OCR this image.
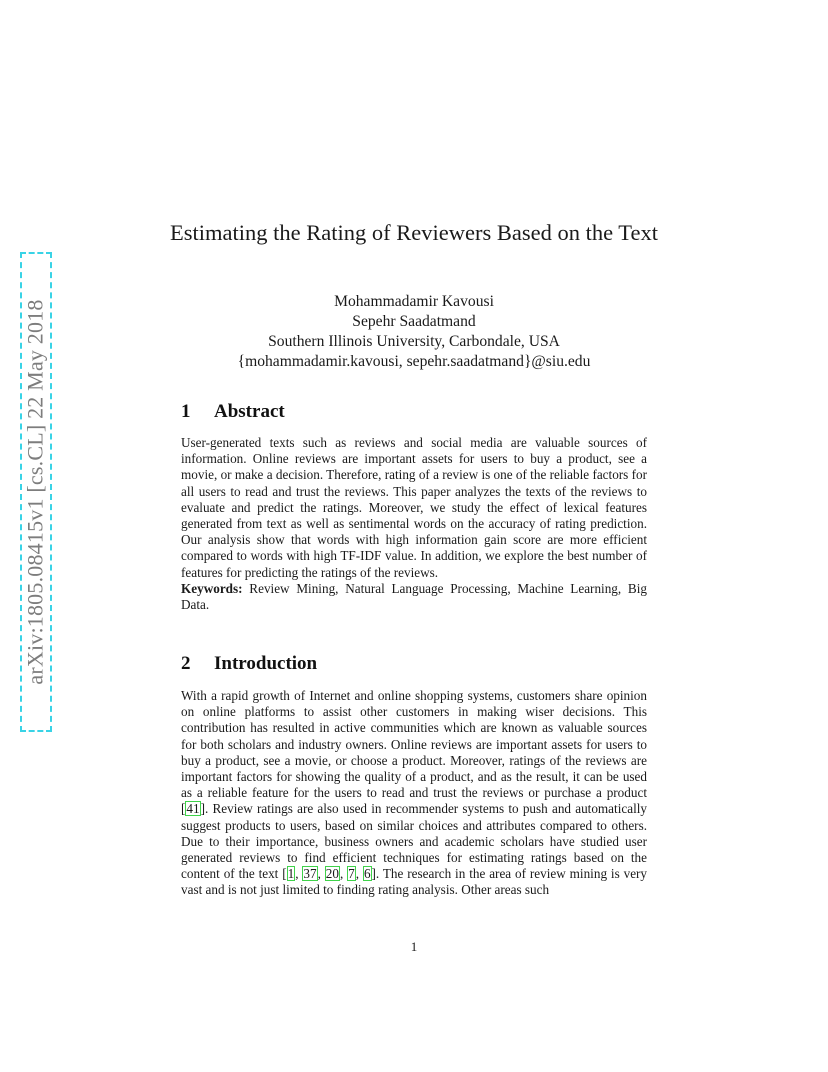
arXiv:1805.08415v1 [cs.CL] 22 May 2018
Estimating the Rating of Reviewers Based on the Text
Mohammadamir Kavousi
Sepehr Saadatmand
Southern Illinois University, Carbondale, USA
{mohammadamir.kavousi, sepehr.saadatmand}@siu.edu
1 Abstract

User-generated texts such as reviews and social media are valuable sources of information. Online reviews are important assets for users to buy a product, see a movie, or make a decision. Therefore, rating of a review is one of the reliable factors for all users to read and trust the reviews. This paper analyzes the texts of the reviews to evaluate and predict the ratings. Moreover, we study the effect of lexical features generated from text as well as sentimental words on the accuracy of rating prediction. Our analysis show that words with high information gain score are more efficient compared to words with high TF-IDF value. In addition, we explore the best number of features for predicting the ratings of the reviews.
Keywords: Review Mining, Natural Language Processing, Machine Learning, Big Data.

2 Introduction

With a rapid growth of Internet and online shopping systems, customers share opinion on online platforms to assist other customers in making wiser decisions. This contribution has resulted in active communities which are known as valuable sources for both scholars and industry owners. Online reviews are important assets for users to buy a product, see a movie, or choose a product. Moreover, ratings of the reviews are important factors for showing the quality of a product, and as the result, it can be used as a reliable feature for the users to read and trust the reviews or purchase a product [41]. Review ratings are also used in recommender systems to push and automatically suggest products to users, based on similar choices and attributes compared to others. Due to their importance, business owners and academic scholars have studied user generated reviews to find efficient techniques for estimating ratings based on the content of the text [1, 37, 20, 7, 6]. The research in the area of review mining is very vast and is not just limited to finding rating analysis. Other areas such

1
